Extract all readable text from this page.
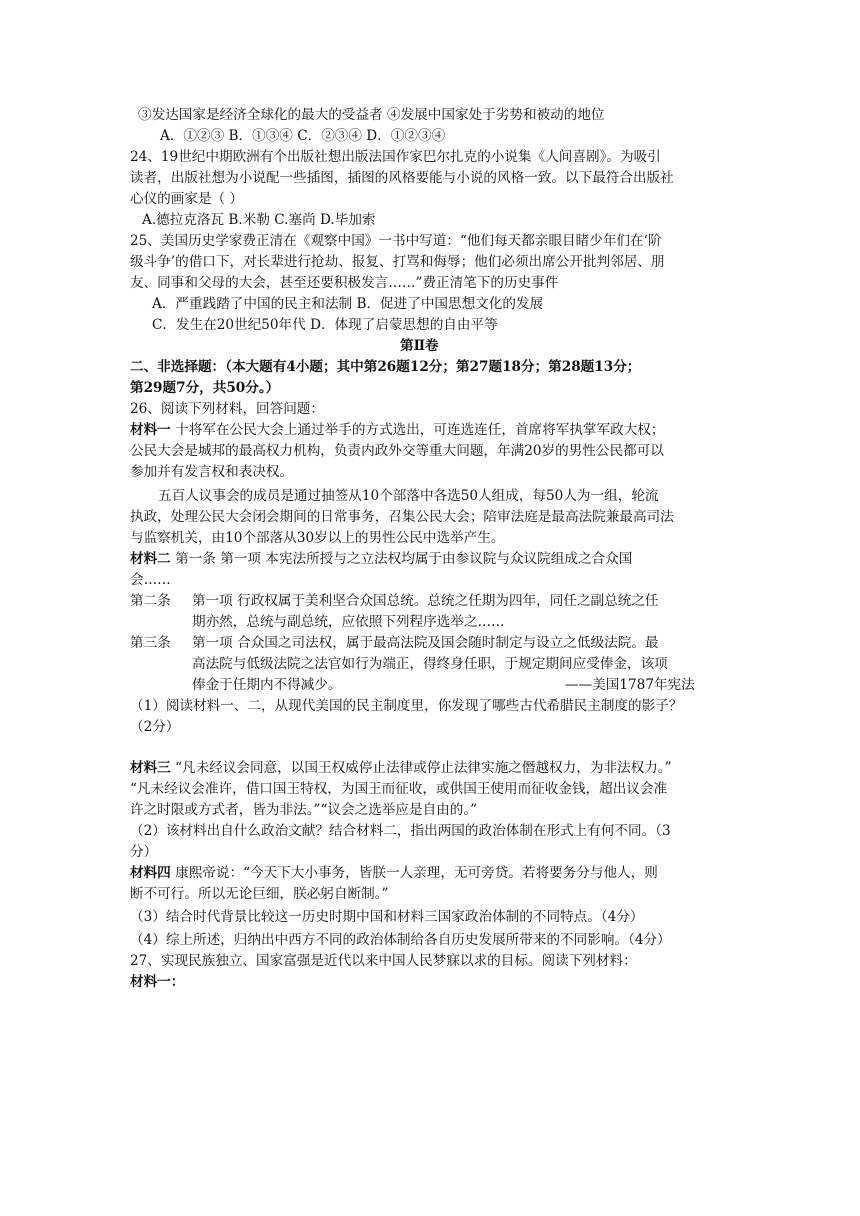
③发达国家是经济全球化的最大的受益者 ④发展中国家处于劣势和被动的地位
A．①②③ B．①③④ C．②③④ D．①②③④
24、19世纪中期欧洲有个出版社想出版法国作家巴尔扎克的小说集《人间喜剧》。为吸引
读者，出版社想为小说配一些插图，插图的风格要能与小说的风格一致。以下最符合出版社
心仪的画家是（ ）
A.德拉克洛瓦 B.米勒 C.塞尚 D.毕加索
25、美国历史学家费正清在《观察中国》一书中写道：“他们每天都亲眼目睹少年们在‘阶
级斗争’的借口下，对长辈进行抢劫、报复、打骂和侮辱；他们必须出席公开批判邻居、朋
友、同事和父母的大会，甚至还要积极发言……”费正清笔下的历史事件
A．严重践踏了中国的民主和法制 B．促进了中国思想文化的发展
C．发生在20世纪50年代 D．体现了启蒙思想的自由平等
第Ⅱ卷
二、非选择题：（本大题有4小题；其中第26题12分；第27题18分；第28题13分；
第29题7分，共50分。）
26、阅读下列材料，回答问题：
材料一 十将军在公民大会上通过举手的方式选出，可连选连任，首席将军执掌军政大权；
公民大会是城邦的最高权力机构，负责内政外交等重大问题，年满20岁的男性公民都可以
参加并有发言权和表决权。
五百人议事会的成员是通过抽签从10个部落中各选50人组成，每50人为一组，轮流
执政，处理公民大会闭会期间的日常事务，召集公民大会；陪审法庭是最高法院兼最高司法
与监察机关，由10个部落从30岁以上的男性公民中选举产生。
材料二 第一条 第一项 本宪法所授与之立法权均属于由参议院与众议院组成之合众国
会……
第二条 第一项 行政权属于美利坚合众国总统。总统之任期为四年，同任之副总统之任
期亦然，总统与副总统，应依照下列程序选举之……
第三条 第一项 合众国之司法权，属于最高法院及国会随时制定与设立之低级法院。最
高法院与低级法院之法官如行为端正，得终身任职，于规定期间应受俸金，该项
俸金于任期内不得减少。	——美国1787年宪法
（1）阅读材料一、二，从现代美国的民主制度里，你发现了哪些古代希腊民主制度的影子？
（2分）
材料三 “凡未经议会同意，以国王权威停止法律或停止法律实施之僭越权力，为非法权力。”
“凡未经议会准许，借口国王特权，为国王而征收，或供国王使用而征收金钱，超出议会准
许之时限或方式者，皆为非法。”“议会之选举应是自由的。”
（2）该材料出自什么政治文献？结合材料二，指出两国的政治体制在形式上有何不同。（3
分）
材料四 康熙帝说：“今天下大小事务，皆朕一人亲理，无可旁贷。若将要务分与他人，则
断不可行。所以无论巨细，朕必躬自断制。”
（3）结合时代背景比较这一历史时期中国和材料三国家政治体制的不同特点。（4分）
（4）综上所述，归纳出中西方不同的政治体制给各自历史发展所带来的不同影响。（4分）
27、实现民族独立、国家富强是近代以来中国人民梦寐以求的目标。阅读下列材料：
材料一：
